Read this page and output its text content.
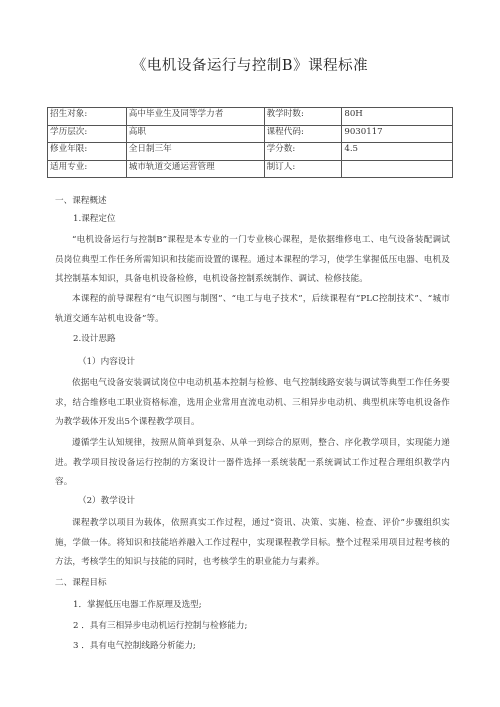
《电机设备运行与控制B》课程标准
招生对象:	高中毕业生及同等学力者	教学时数:	80H
学历层次:	高职	课程代码:	9030117
修业年限:	全日制三年	学分数:	4.5
适用专业:	城市轨道交通运营管理	制订人:	
一、课程概述
1.课程定位
“电机设备运行与控制B”课程是本专业的一门专业核心课程，是依据维修电工、电气设备装配调试员岗位典型工作任务所需知识和技能而设置的课程。通过本课程的学习，使学生掌握低压电器、电机及其控制基本知识，具备电机设备检修，电机设备控制系统制作、调试、检修技能。
本课程的前导课程有“电气识图与制图”、“电工与电子技术”，后续课程有“PLC控制技术”、“城市轨道交通车站机电设备”等。
2.设计思路
（1）内容设计
依据电气设备安装调试岗位中电动机基本控制与检修、电气控制线路安装与调试等典型工作任务要求，结合维修电工职业资格标准，选用企业常用直流电动机、三相异步电动机、典型机床等电机设备作为教学载体开发出5个课程教学项目。
遵循学生认知规律，按照从简单到复杂、从单一到综合的原则，整合、序化教学项目，实现能力递进。教学项目按设备运行控制的方案设计一器件选择一系统装配一系统调试工作过程合理组织教学内容。
（2）教学设计
课程教学以项目为载体，依照真实工作过程，通过“资讯、决策、实施、检查、评价”步骤组织实施，学做一体。将知识和技能培养融入工作过程中，实现课程教学目标。整个过程采用项目过程考核的方法，考核学生的知识与技能的同时，也考核学生的职业能力与素养。
二、课程目标
1．掌握低压电器工作原理及选型;
2 ．具有三相异步电动机运行控制与检修能力;
3 ．具有电气控制线路分析能力;
